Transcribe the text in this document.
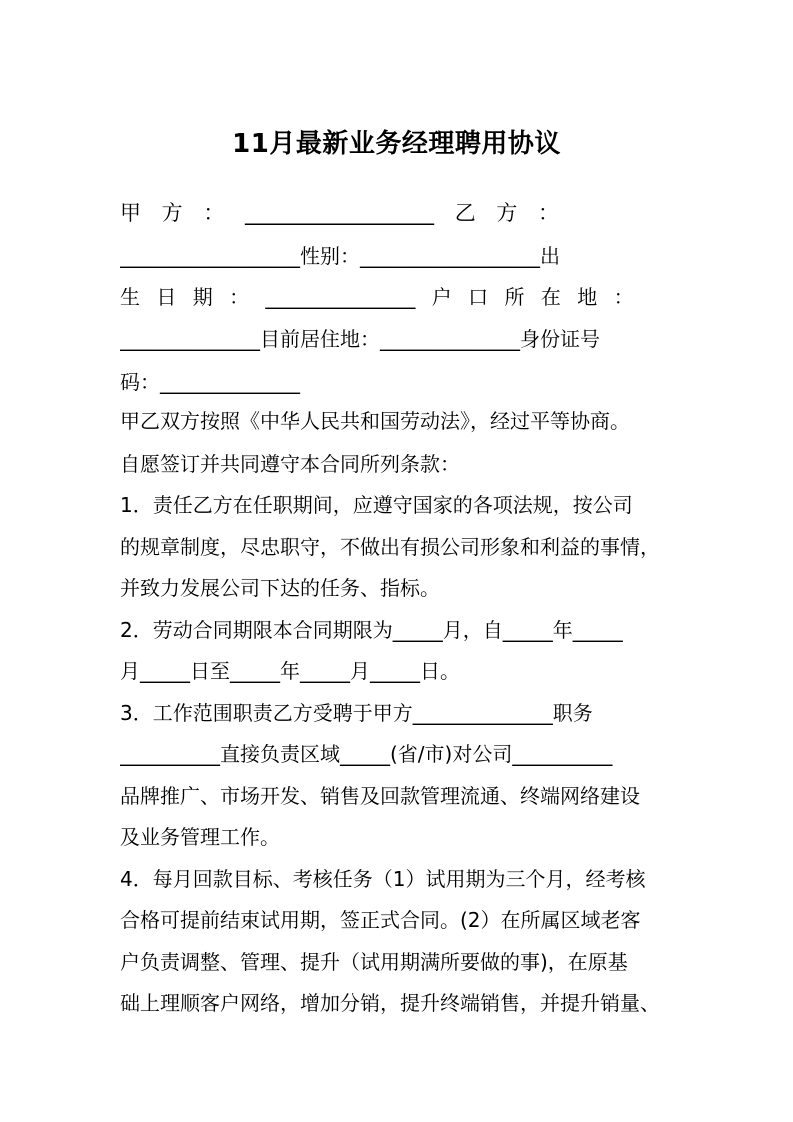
11月最新业务经理聘用协议
甲 方 ： __________________ 乙 方 ：
__________________性别：__________________出
生 日 期 ： _______________ 户 口 所 在 地 ：
______________目前居住地：______________身份证号
码：______________
甲乙双方按照《中华人民共和国劳动法》，经过平等协商。
自愿签订并共同遵守本合同所列条款：
1．责任乙方在任职期间，应遵守国家的各项法规，按公司
的规章制度，尽忠职守，不做出有损公司形象和利益的事情，
并致力发展公司下达的任务、指标。
2．劳动合同期限本合同期限为_____月，自_____年_____
月_____日至_____年_____月_____日。
3．工作范围职责乙方受聘于甲方______________职务
__________直接负责区域_____(省/市)对公司__________
品牌推广、市场开发、销售及回款管理流通、终端网络建设
及业务管理工作。
4．每月回款目标、考核任务（1）试用期为三个月，经考核
合格可提前结束试用期，签正式合同。(2）在所属区域老客
户负责调整、管理、提升（试用期满所要做的事)，在原基
础上理顺客户网络，增加分销，提升终端销售，并提升销量、
